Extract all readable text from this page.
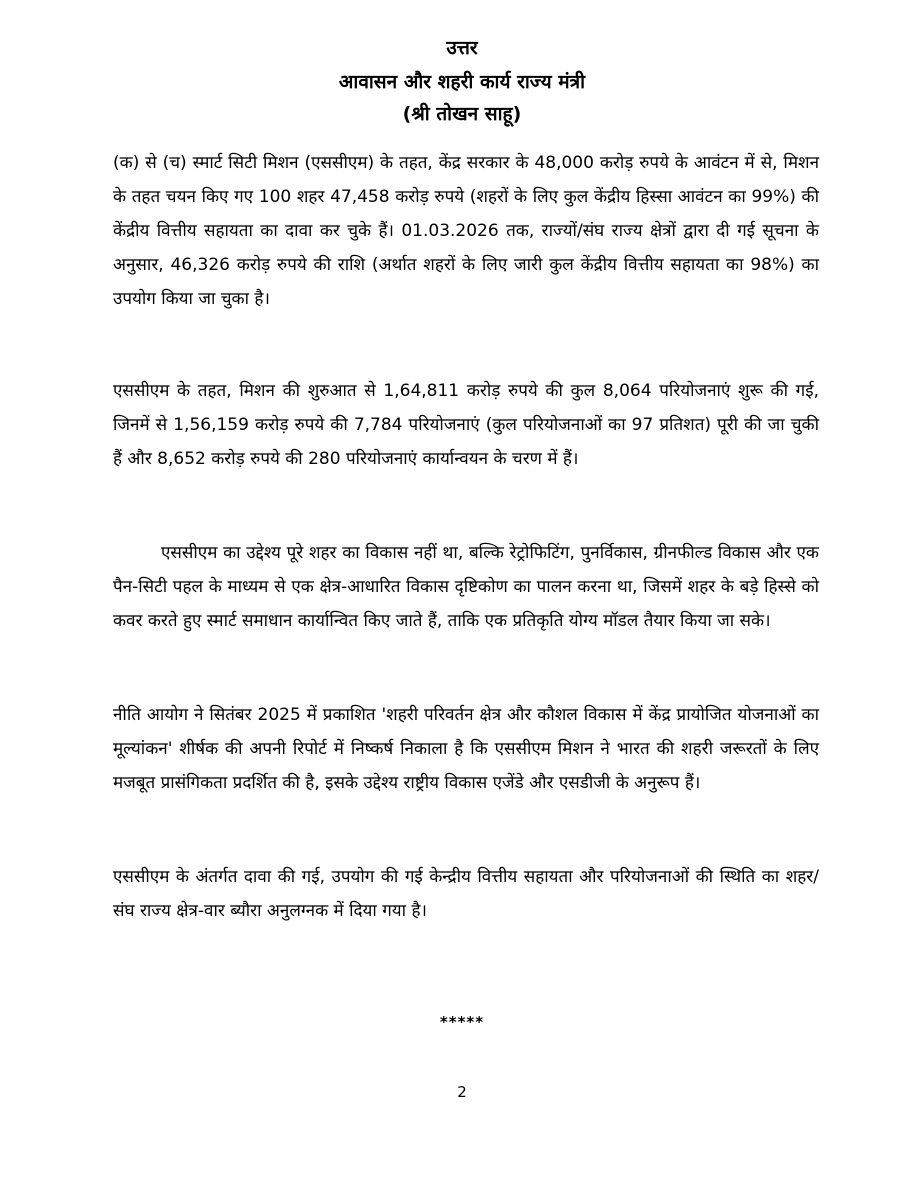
उत्तर
आवासन और शहरी कार्य राज्य मंत्री
(श्री तोखन साहू)

(क) से (च) स्मार्ट सिटी मिशन (एससीएम) के तहत, केंद्र सरकार के 48,000 करोड़ रुपये के आवंटन में से, मिशन के तहत चयन किए गए 100 शहर 47,458 करोड़ रुपये (शहरों के लिए कुल केंद्रीय हिस्सा आवंटन का 99%) की केंद्रीय वित्तीय सहायता का दावा कर चुके हैं। 01.03.2026 तक, राज्यों/संघ राज्य क्षेत्रों द्वारा दी गई सूचना के अनुसार, 46,326 करोड़ रुपये की राशि (अर्थात शहरों के लिए जारी कुल केंद्रीय वित्तीय सहायता का 98%) का उपयोग किया जा चुका है।

एससीएम के तहत, मिशन की शुरुआत से 1,64,811 करोड़ रुपये की कुल 8,064 परियोजनाएं शुरू की गई, जिनमें से 1,56,159 करोड़ रुपये की 7,784 परियोजनाएं (कुल परियोजनाओं का 97 प्रतिशत) पूरी की जा चुकी हैं और 8,652 करोड़ रुपये की 280 परियोजनाएं कार्यान्वयन के चरण में हैं।

एससीएम का उद्देश्य पूरे शहर का विकास नहीं था, बल्कि रेट्रोफिटिंग, पुनर्विकास, ग्रीनफील्ड विकास और एक पैन-सिटी पहल के माध्यम से एक क्षेत्र-आधारित विकास दृष्टिकोण का पालन करना था, जिसमें शहर के बड़े हिस्से को कवर करते हुए स्मार्ट समाधान कार्यान्वित किए जाते हैं, ताकि एक प्रतिकृति योग्य मॉडल तैयार किया जा सके।

नीति आयोग ने सितंबर 2025 में प्रकाशित 'शहरी परिवर्तन क्षेत्र और कौशल विकास में केंद्र प्रायोजित योजनाओं का मूल्यांकन' शीर्षक की अपनी रिपोर्ट में निष्कर्ष निकाला है कि एससीएम मिशन ने भारत की शहरी जरूरतों के लिए मजबूत प्रासंगिकता प्रदर्शित की है, इसके उद्देश्य राष्ट्रीय विकास एजेंडे और एसडीजी के अनुरूप हैं।

एससीएम के अंतर्गत दावा की गई, उपयोग की गई केन्द्रीय वित्तीय सहायता और परियोजनाओं की स्थिति का शहर/संघ राज्य क्षेत्र-वार ब्यौरा अनुलग्नक में दिया गया है।

*****
2
